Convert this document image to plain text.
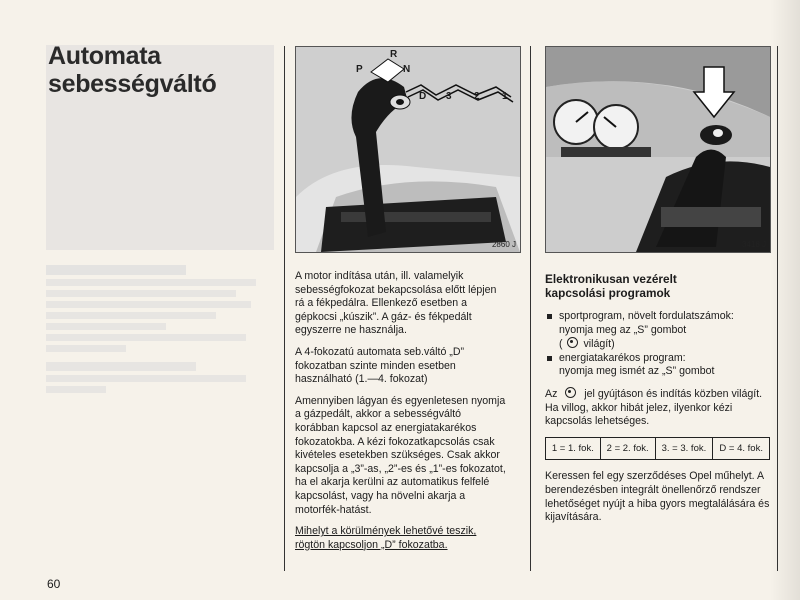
Automata sebességváltó
P
R
N
D 3 2 1
2860 J	3418 J

A motor indítása után, ill. valamelyik sebességfokozat bekapcsolása előtt lépjen rá a fékpedálra. Ellenkező esetben a gépkocsi „kúszik”. A gáz- és fékpedált egyszerre ne használja.

A 4-fokozatú automata seb.váltó „D” fokozatban szinte minden esetben használható (1.—4. fokozat)

Amennyiben lágyan és egyenletesen nyomja a gázpedált, akkor a sebességváltó korábban kapcsol az energiatakarékos fokozatokba. A kézi fokozatkapcsolás csak kivételes esetekben szükséges. Csak akkor kapcsolja a „3”-as, „2”-es és „1”-es fokozatot, ha el akarja kerülni az automatikus felfelé kapcsolást, vagy ha növelni akarja a motorfék-hatást.

Mihelyt a körülmények lehetővé teszik,
rögtön kapcsoljon „D” fokozatba.

Elektronikusan vezérelt
kapcsolási programok
sportprogram, növelt fordulatszámok:
nyomja meg az „S” gombot
(  világít)
energiatakarékos program:
nyomja meg ismét az „S” gombot

Az	jel gyújtáson és indítás közben világít. Ha villog, akkor hibát jelez, ilyenkor kézi kapcsolás lehetséges.

1 = 1. fok.	2 = 2. fok.	3. = 3. fok.	D = 4. fok.

Keressen fel egy szerződéses Opel műhelyt. A berendezésben integrált önellenőrző rendszer lehetőséget nyújt a hiba gyors megtalálására és kijavítására.

60
